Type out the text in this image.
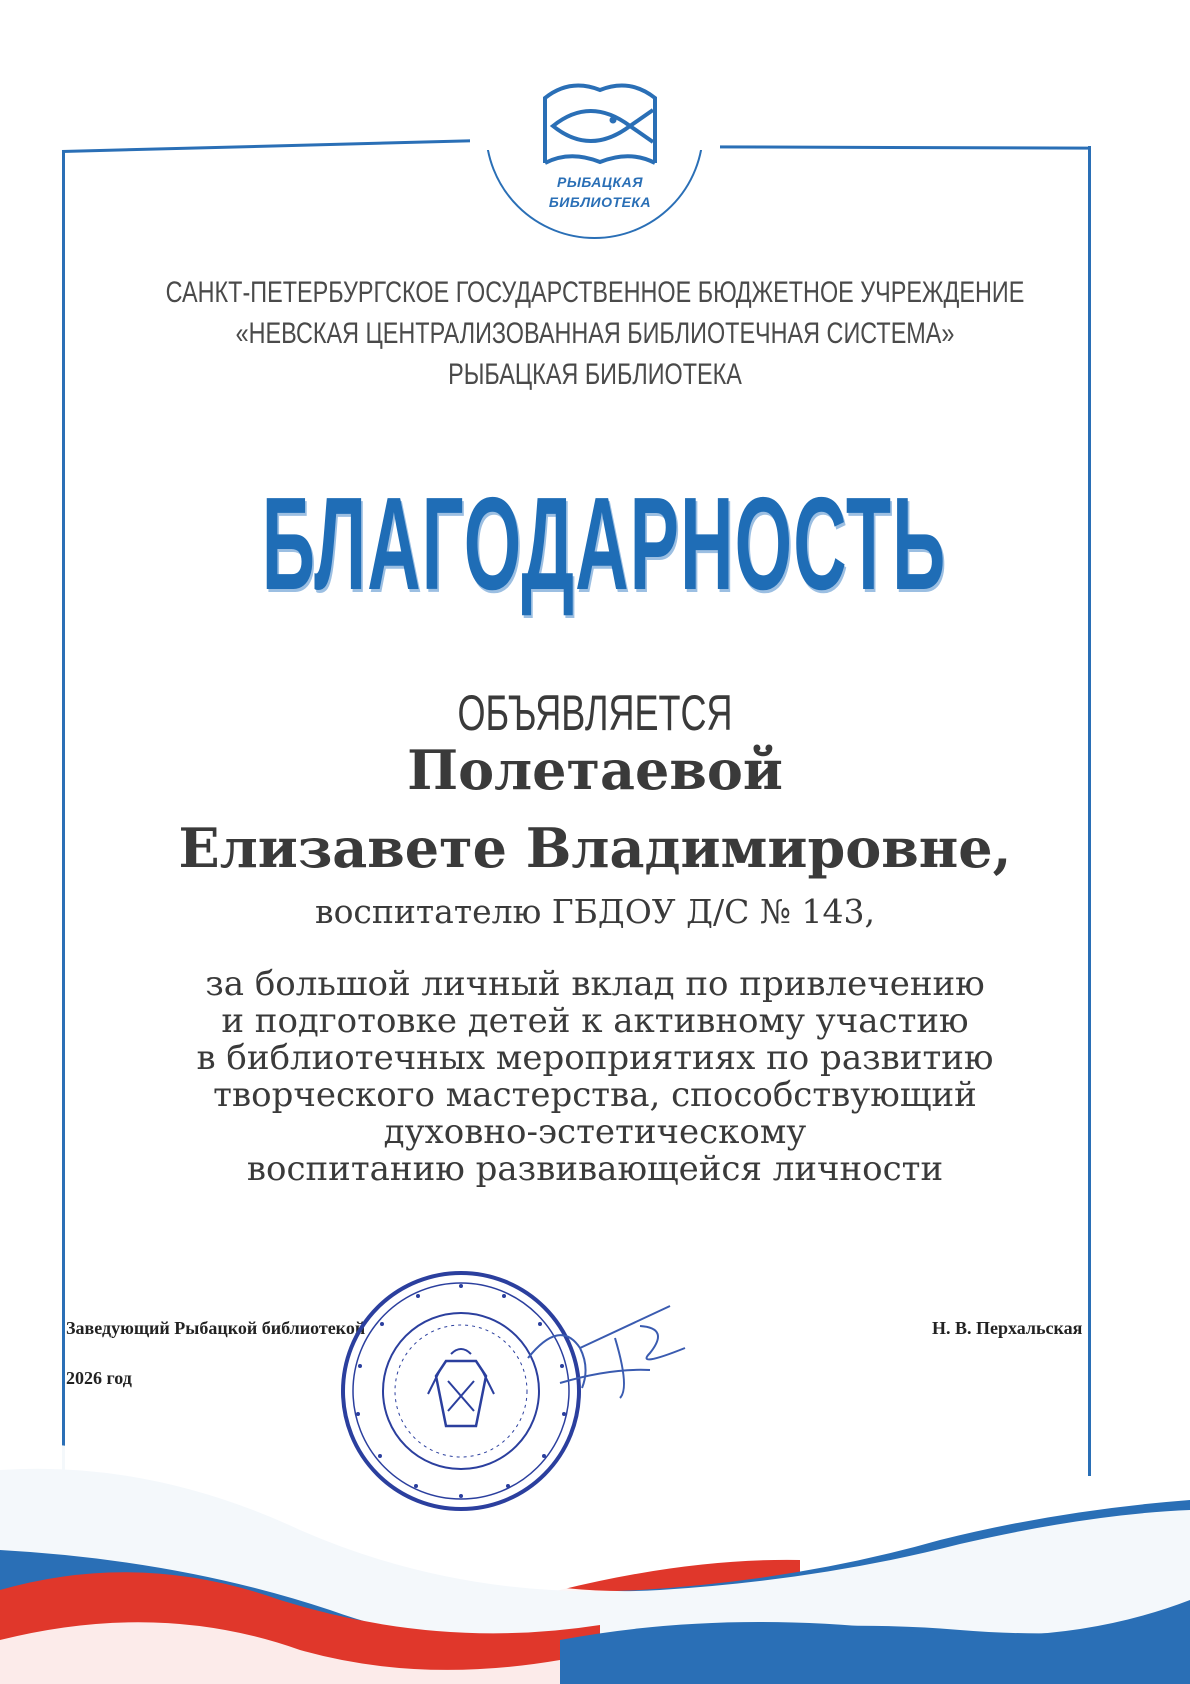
РЫБАЦКАЯ
БИБЛИОТЕКА
САНКТ-ПЕТЕРБУРГСКОЕ ГОСУДАРСТВЕННОЕ БЮДЖЕТНОЕ УЧРЕЖДЕНИЕ
«НЕВСКАЯ ЦЕНТРАЛИЗОВАННАЯ БИБЛИОТЕЧНАЯ СИСТЕМА»
РЫБАЦКАЯ БИБЛИОТЕКА
БЛАГОДАРНОСТЬ
ОБЪЯВЛЯЕТСЯ
Полетаевой
Елизавете Владимировне,
воспитателю ГБДОУ Д/С № 143,
за большой личный вклад по привлечению
и подготовке детей к активному участию
в библиотечных мероприятиях по развитию
творческого мастерства, способствующий
духовно-эстетическому
воспитанию развивающейся личности
Заведующий Рыбацкой библиотекой
2026 год
Н. В. Перхальская
